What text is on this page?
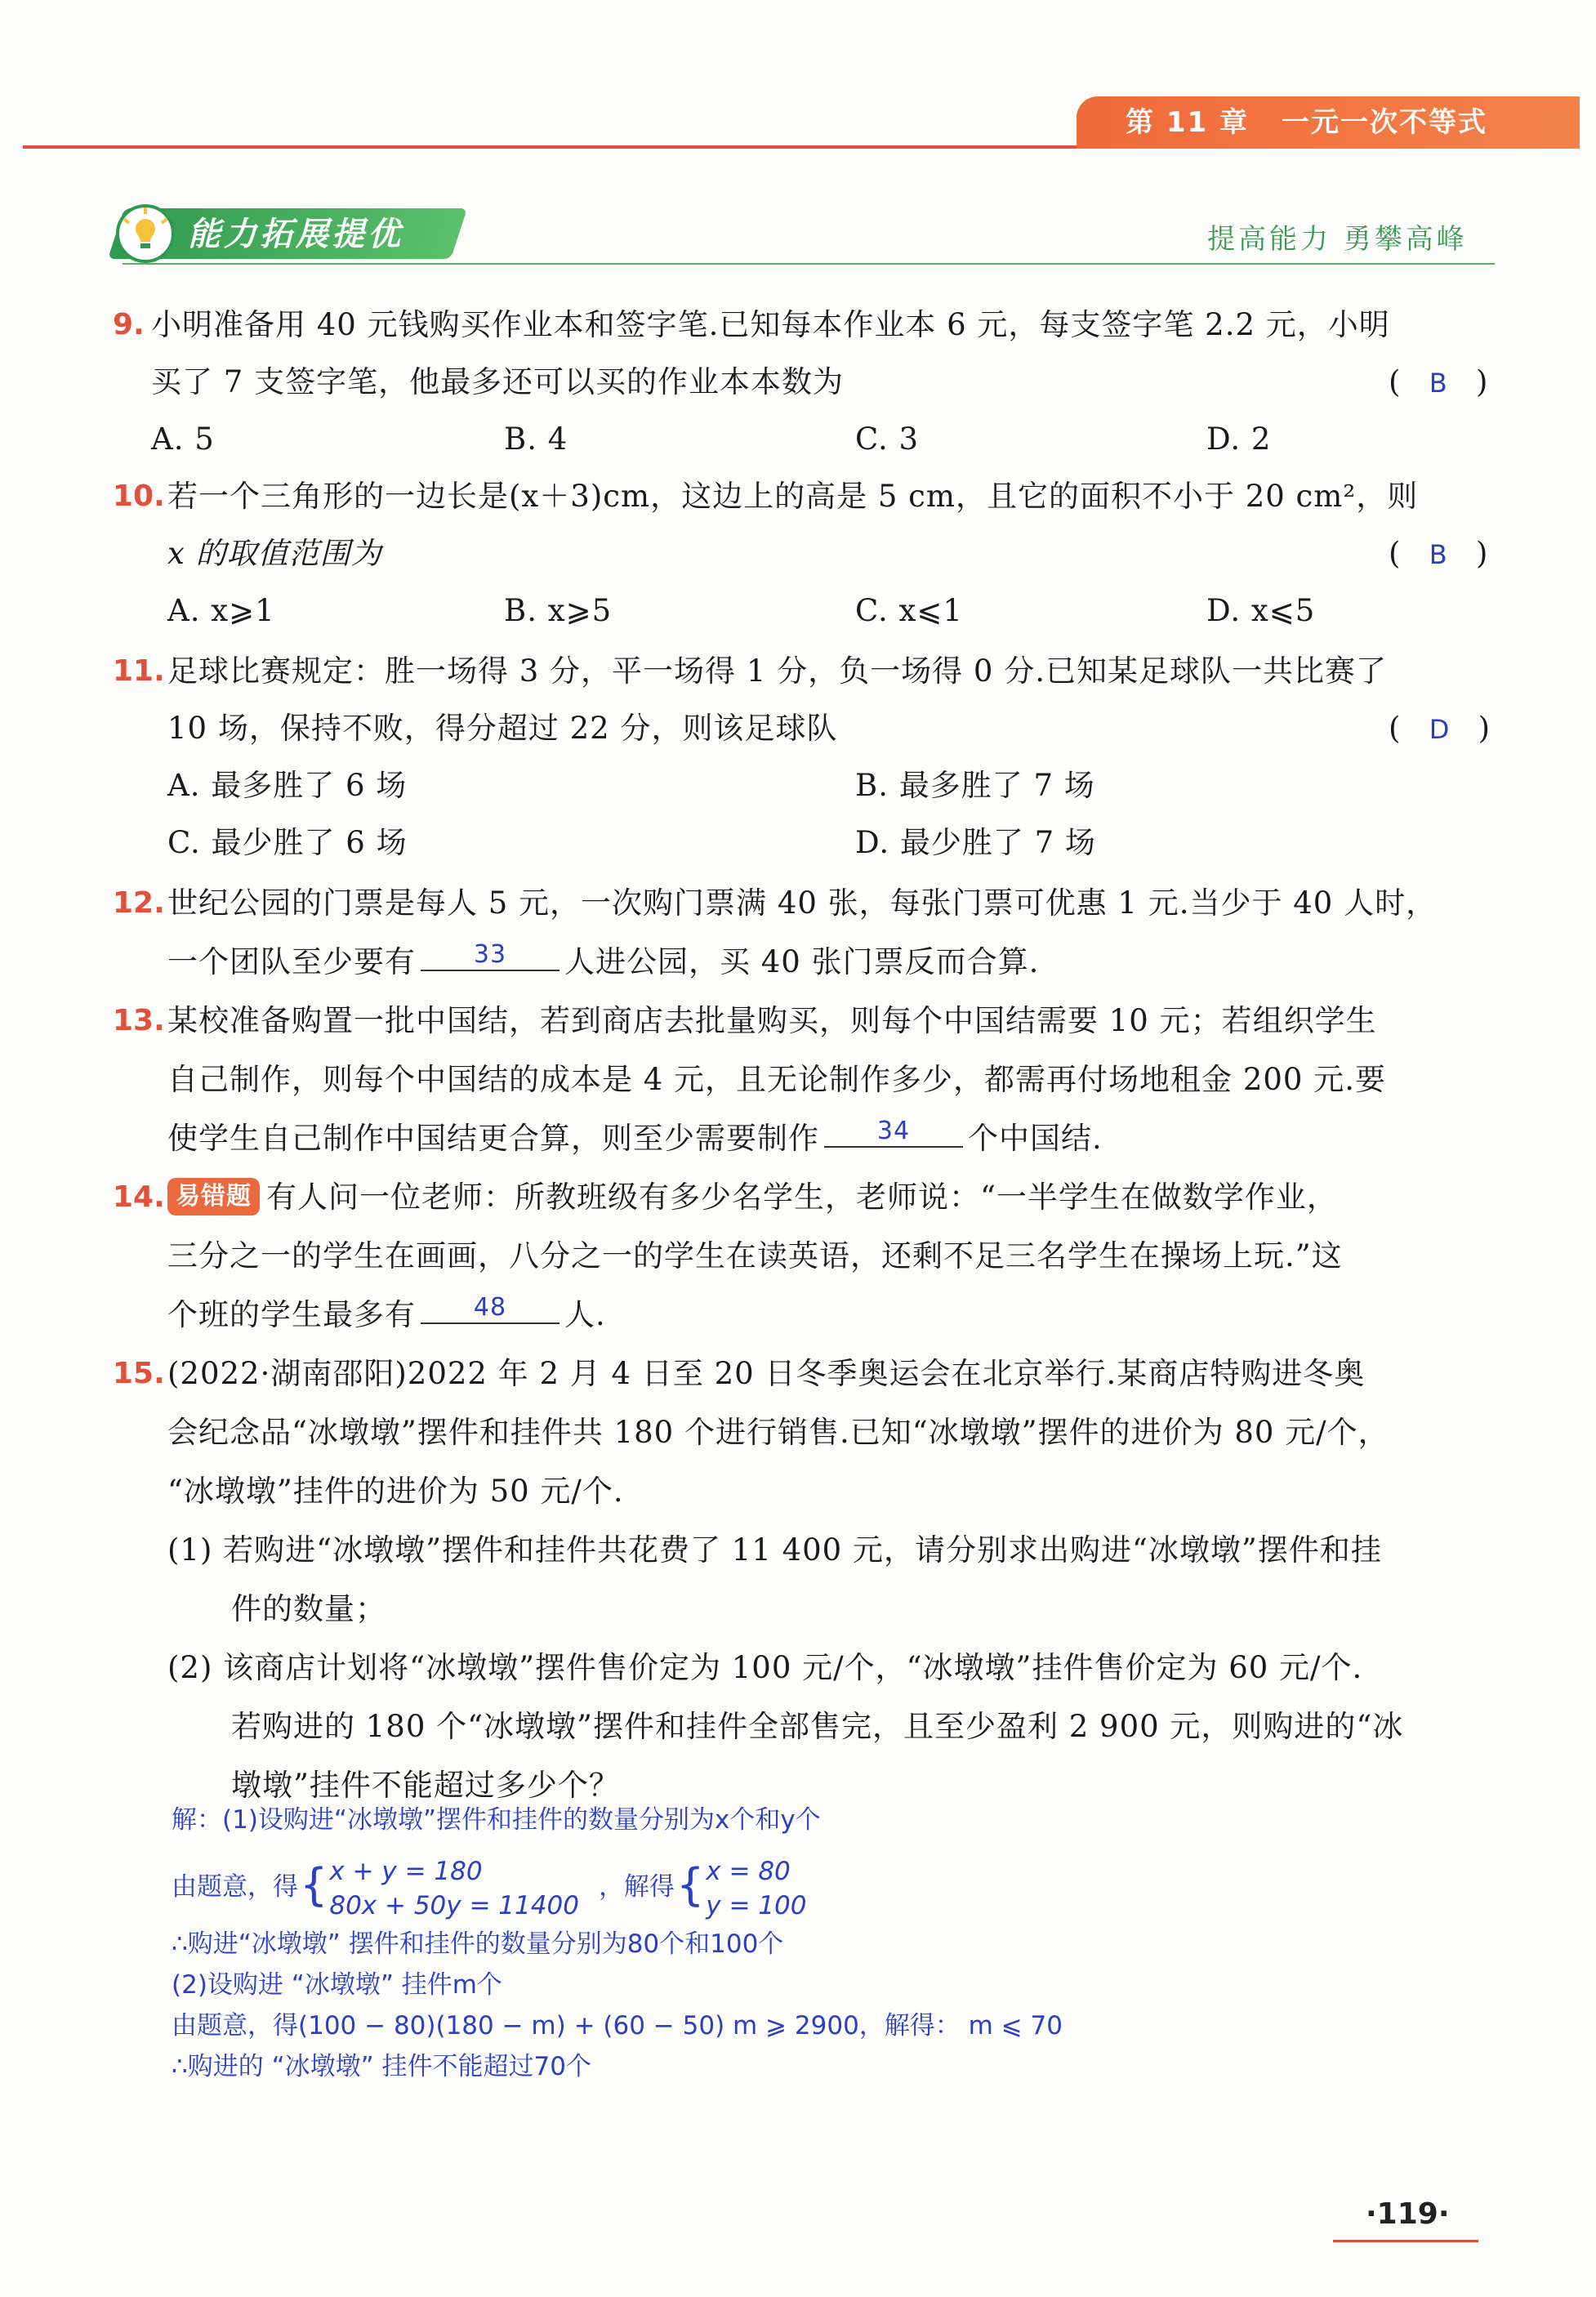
第 11 章 一元一次不等式
能力拓展提优	提高能力 勇攀高峰
9. 小明准备用 40 元钱购买作业本和签字笔.已知每本作业本 6 元，每支签字笔 2.2 元，小明
买了 7 支签字笔，他最多还可以买的作业本本数为	(   B   )
A. 5	B. 4	C. 3	D. 2
10. 若一个三角形的一边长是(x＋3)cm，这边上的高是 5 cm，且它的面积不小于 20 cm²，则
x 的取值范围为	(   B   )
A. x⩾1	B. x⩾5	C. x⩽1	D. x⩽5
11. 足球比赛规定：胜一场得 3 分，平一场得 1 分，负一场得 0 分.已知某足球队一共比赛了
10 场，保持不败，得分超过 22 分，则该足球队	(   D   )
A. 最多胜了 6 场	B. 最多胜了 7 场
C. 最少胜了 6 场	D. 最少胜了 7 场
12. 世纪公园的门票是每人 5 元，一次购门票满 40 张，每张门票可优惠 1 元.当少于 40 人时，
一个团队至少要有 33 人进公园，买 40 张门票反而合算.
13. 某校准备购置一批中国结，若到商店去批量购买，则每个中国结需要 10 元；若组织学生
自己制作，则每个中国结的成本是 4 元，且无论制作多少，都需再付场地租金 200 元.要
使学生自己制作中国结更合算，则至少需要制作 34 个中国结.
14. 易错题 有人问一位老师：所教班级有多少名学生，老师说：“一半学生在做数学作业，
三分之一的学生在画画，八分之一的学生在读英语，还剩不足三名学生在操场上玩.”这
个班的学生最多有 48 人.
15. (2022·湖南邵阳)2022 年 2 月 4 日至 20 日冬季奥运会在北京举行.某商店特购进冬奥
会纪念品“冰墩墩”摆件和挂件共 180 个进行销售.已知“冰墩墩”摆件的进价为 80 元/个，
“冰墩墩”挂件的进价为 50 元/个.
(1) 若购进“冰墩墩”摆件和挂件共花费了 11 400 元，请分别求出购进“冰墩墩”摆件和挂
件的数量；
(2) 该商店计划将“冰墩墩”摆件售价定为 100 元/个，“冰墩墩”挂件售价定为 60 元/个.
若购进的 180 个“冰墩墩”摆件和挂件全部售完，且至少盈利 2 900 元，则购进的“冰
墩墩”挂件不能超过多少个？
解：(1)设购进“冰墩墩”摆件和挂件的数量分别为x个和y个
由题意，得{x + y = 180
80x + 50y = 11400，解得{x = 80
y = 100
∴购进“冰墩墩” 摆件和挂件的数量分别为80个和100个
(2)设购进 “冰墩墩” 挂件m个
由题意，得(100 − 80)(180 − m) + (60 − 50) m ⩾ 2900，解得： m ⩽ 70
∴购进的 “冰墩墩” 挂件不能超过70个
·119·
